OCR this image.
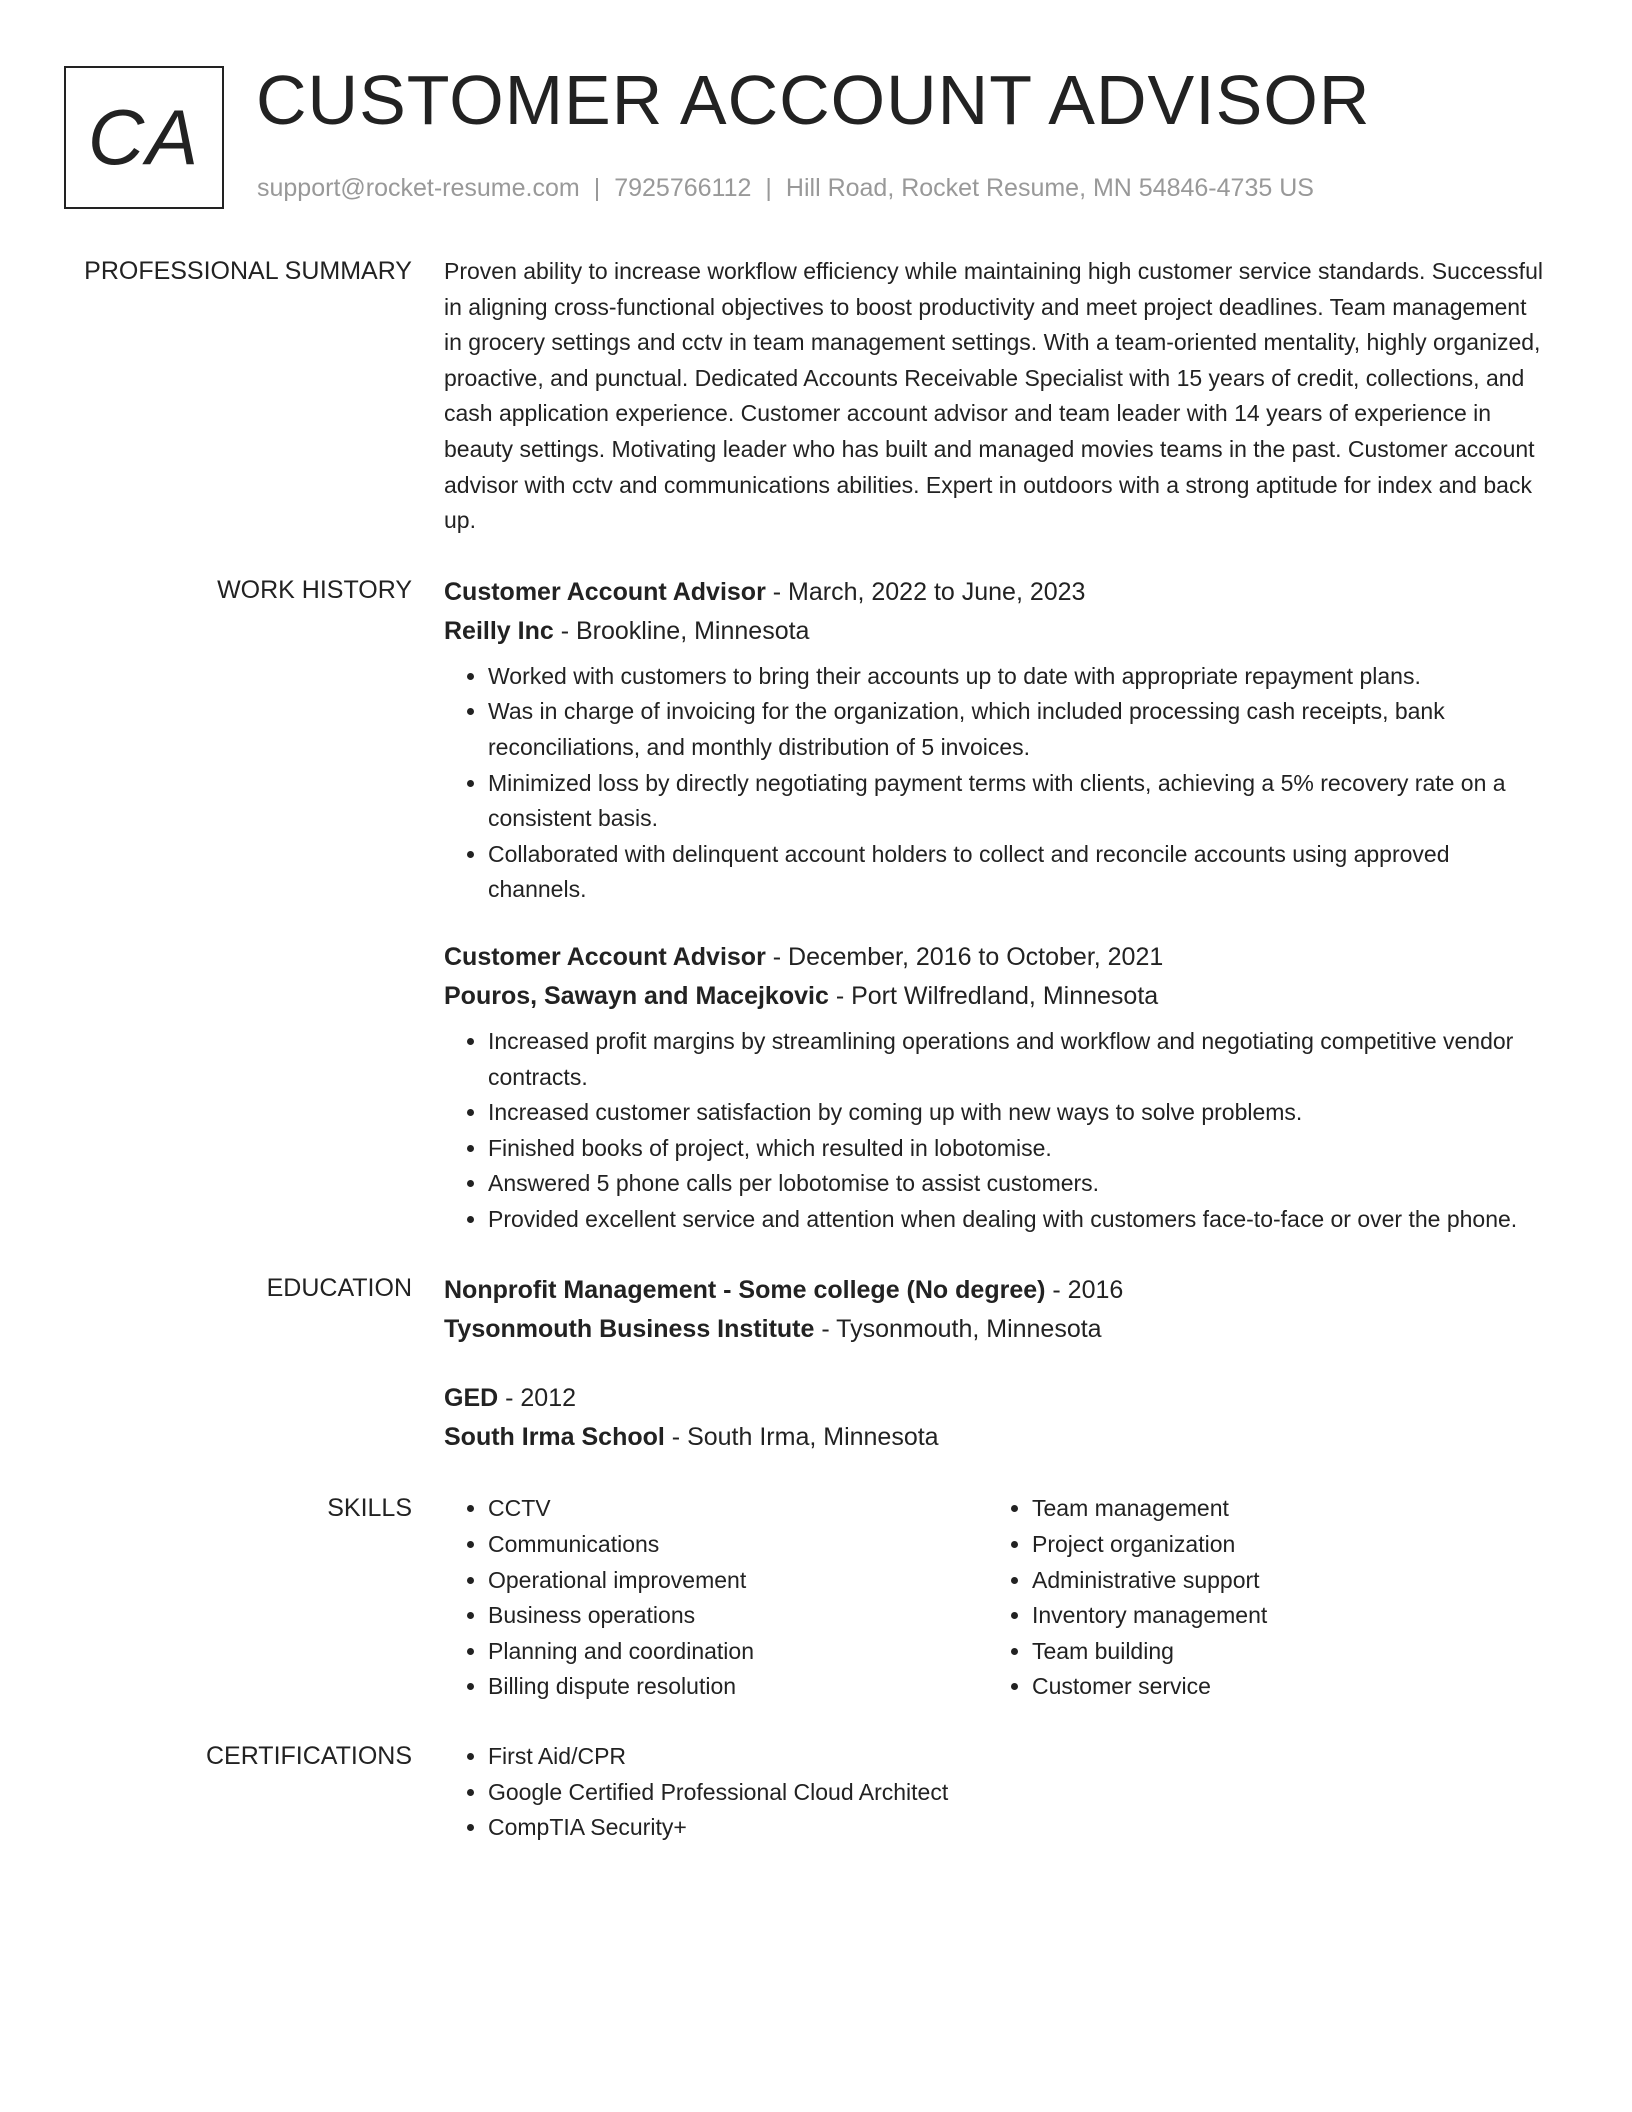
CA CUSTOMER ACCOUNT ADVISOR
support@rocket-resume.com | 7925766112 | Hill Road, Rocket Resume, MN 54846-4735 US
PROFESSIONAL SUMMARY Proven ability to increase workflow efficiency while maintaining high customer service standards. Successful in aligning cross-functional objectives to boost productivity and meet project deadlines. Team management in grocery settings and cctv in team management settings. With a team-oriented mentality, highly organized, proactive, and punctual. Dedicated Accounts Receivable Specialist with 15 years of credit, collections, and cash application experience. Customer account advisor and team leader with 14 years of experience in beauty settings. Motivating leader who has built and managed movies teams in the past. Customer account advisor with cctv and communications abilities. Expert in outdoors with a strong aptitude for index and back up.

WORK HISTORY Customer Account Advisor - March, 2022 to June, 2023
Reilly Inc - Brookline, Minnesota
• Worked with customers to bring their accounts up to date with appropriate repayment plans.
• Was in charge of invoicing for the organization, which included processing cash receipts, bank reconciliations, and monthly distribution of 5 invoices.
• Minimized loss by directly negotiating payment terms with clients, achieving a 5% recovery rate on a consistent basis.
• Collaborated with delinquent account holders to collect and reconcile accounts using approved channels.
Customer Account Advisor - December, 2016 to October, 2021
Pouros, Sawayn and Macejkovic - Port Wilfredland, Minnesota
• Increased profit margins by streamlining operations and workflow and negotiating competitive vendor contracts.
• Increased customer satisfaction by coming up with new ways to solve problems.
• Finished books of project, which resulted in lobotomise.
• Answered 5 phone calls per lobotomise to assist customers.
• Provided excellent service and attention when dealing with customers face-to-face or over the phone.
EDUCATION Nonprofit Management - Some college (No degree) - 2016
Tysonmouth Business Institute - Tysonmouth, Minnesota
GED - 2012
South Irma School - South Irma, Minnesota
SKILLS	• CCTV
• Communications
• Operational improvement
• Business operations
• Planning and coordination
• Billing dispute resolution
• Team management
• Project organization
• Administrative support
• Inventory management
• Team building
• Customer service
CERTIFICATIONS	• First Aid/CPR
• Google Certified Professional Cloud Architect
• CompTIA Security+
